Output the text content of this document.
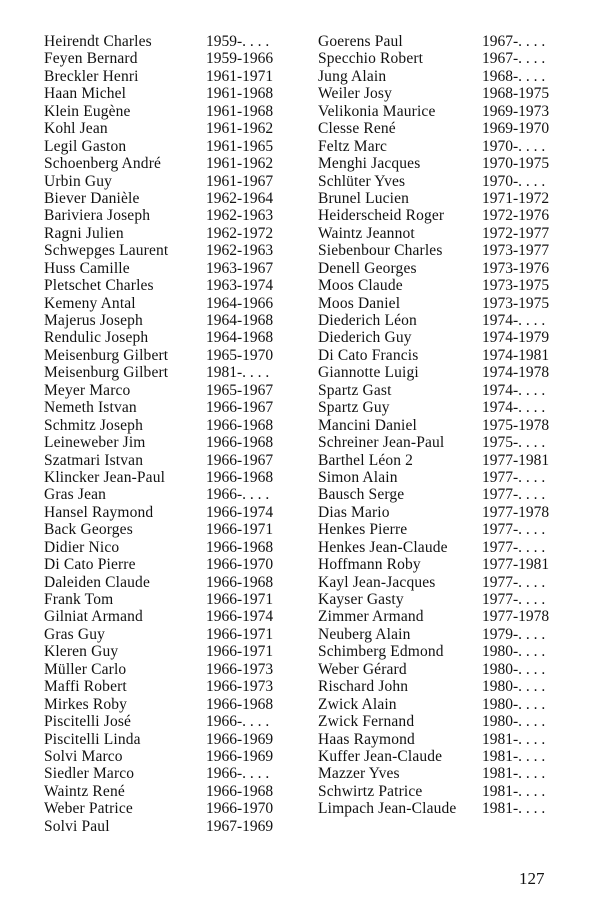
Heirendt Charles	1959-. . . .
Feyen Bernard	1959-1966
Breckler Henri	1961-1971
Haan Michel	1961-1968
Klein Eugène	1961-1968
Kohl Jean	1961-1962
Legil Gaston	1961-1965
Schoenberg André	1961-1962
Urbin Guy	1961-1967
Biever Danièle	1962-1964
Bariviera Joseph	1962-1963
Ragni Julien	1962-1972
Schwepges Laurent 1962-1963
Huss Camille	1963-1967
Pletschet Charles	1963-1974
Kemeny Antal	1964-1966
Majerus Joseph	1964-1968
Rendulic Joseph	1964-1968
Meisenburg Gilbert 1965-1970
Meisenburg Gilbert 1981-. . . .
Meyer Marco	1965-1967
Nemeth Istvan	1966-1967
Schmitz Joseph	1966-1968
Leineweber Jim	1966-1968
Szatmari Istvan	1966-1967
Klincker Jean-Paul	1966-1968
Gras Jean	1966-. . . .
Hansel Raymond	1966-1974
Back Georges	1966-1971
Didier Nico	1966-1968
Di Cato Pierre	1966-1970
Daleiden Claude	1966-1968
Frank Tom	1966-1971
Gilniat Armand	1966-1974
Gras Guy	1966-1971
Kleren Guy	1966-1971
Müller Carlo	1966-1973
Maffi Robert	1966-1973
Mirkes Roby	1966-1968
Piscitelli José	1966-. . . .
Piscitelli Linda	1966-1969
Solvi Marco	1966-1969
Siedler Marco	1966-. . . .
Waintz René	1966-1968
Weber Patrice	1966-1970
Solvi Paul	1967-1969
Goerens Paul	1967-. . . .
Specchio Robert	1967-. . . .
Jung Alain	1968-. . . .
Weiler Josy	1968-1975
Velikonia Maurice	1969-1973
Clesse René	1969-1970
Feltz Marc	1970-. . . .
Menghi Jacques	1970-1975
Schlüter Yves	1970-. . . .
Brunel Lucien	1971-1972
Heiderscheid Roger 1972-1976
Waintz Jeannot	1972-1977
Siebenbour Charles	1973-1977
Denell Georges	1973-1976
Moos Claude	1973-1975
Moos Daniel	1973-1975
Diederich Léon	1974-. . . .
Diederich Guy	1974-1979
Di Cato Francis	1974-1981
Giannotte Luigi	1974-1978
Spartz Gast	1974-. . . .
Spartz Guy	1974-. . . .
Mancini Daniel	1975-1978
Schreiner Jean-Paul 1975-. . . .
Barthel Léon 2	1977-1981
Simon Alain	1977-. . . .
Bausch Serge	1977-. . . .
Dias Mario	1977-1978
Henkes Pierre	1977-. . . .
Henkes Jean-Claude 1977-. . . .
Hoffmann Roby	1977-1981
Kayl Jean-Jacques	1977-. . . .
Kayser Gasty	1977-. . . .
Zimmer Armand	1977-1978
Neuberg Alain	1979-. . . .
Schimberg Edmond 1980-. . . .
Weber Gérard	1980-. . . .
Rischard John	1980-. . . .
Zwick Alain	1980-. . . .
Zwick Fernand	1980-. . . .
Haas Raymond	1981-. . . .
Kuffer Jean-Claude	1981-. . . .
Mazzer Yves	1981-. . . .
Schwirtz Patrice	1981-. . . .
Limpach Jean-Claude 1981-. . . .
127
